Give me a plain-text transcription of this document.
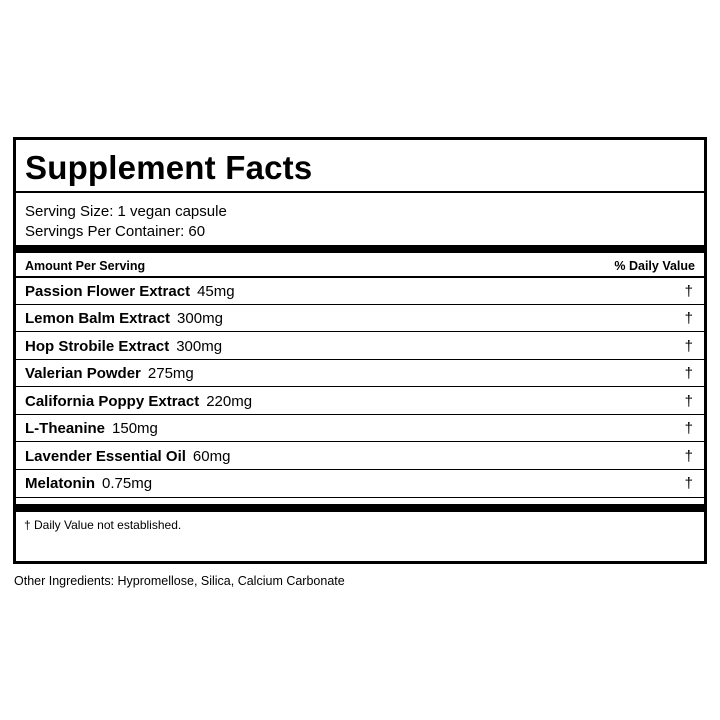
Supplement Facts
Serving Size: 1 vegan capsule
Servings Per Container: 60
Amount Per Serving	% Daily Value
Passion Flower Extract 45mg	†
Lemon Balm Extract 300mg	†
Hop Strobile Extract 300mg	†
Valerian Powder 275mg	†
California Poppy Extract 220mg	†
L-Theanine 150mg	†
Lavender Essential Oil 60mg	†
Melatonin 0.75mg	†
† Daily Value not established.
Other Ingredients: Hypromellose, Silica, Calcium Carbonate
